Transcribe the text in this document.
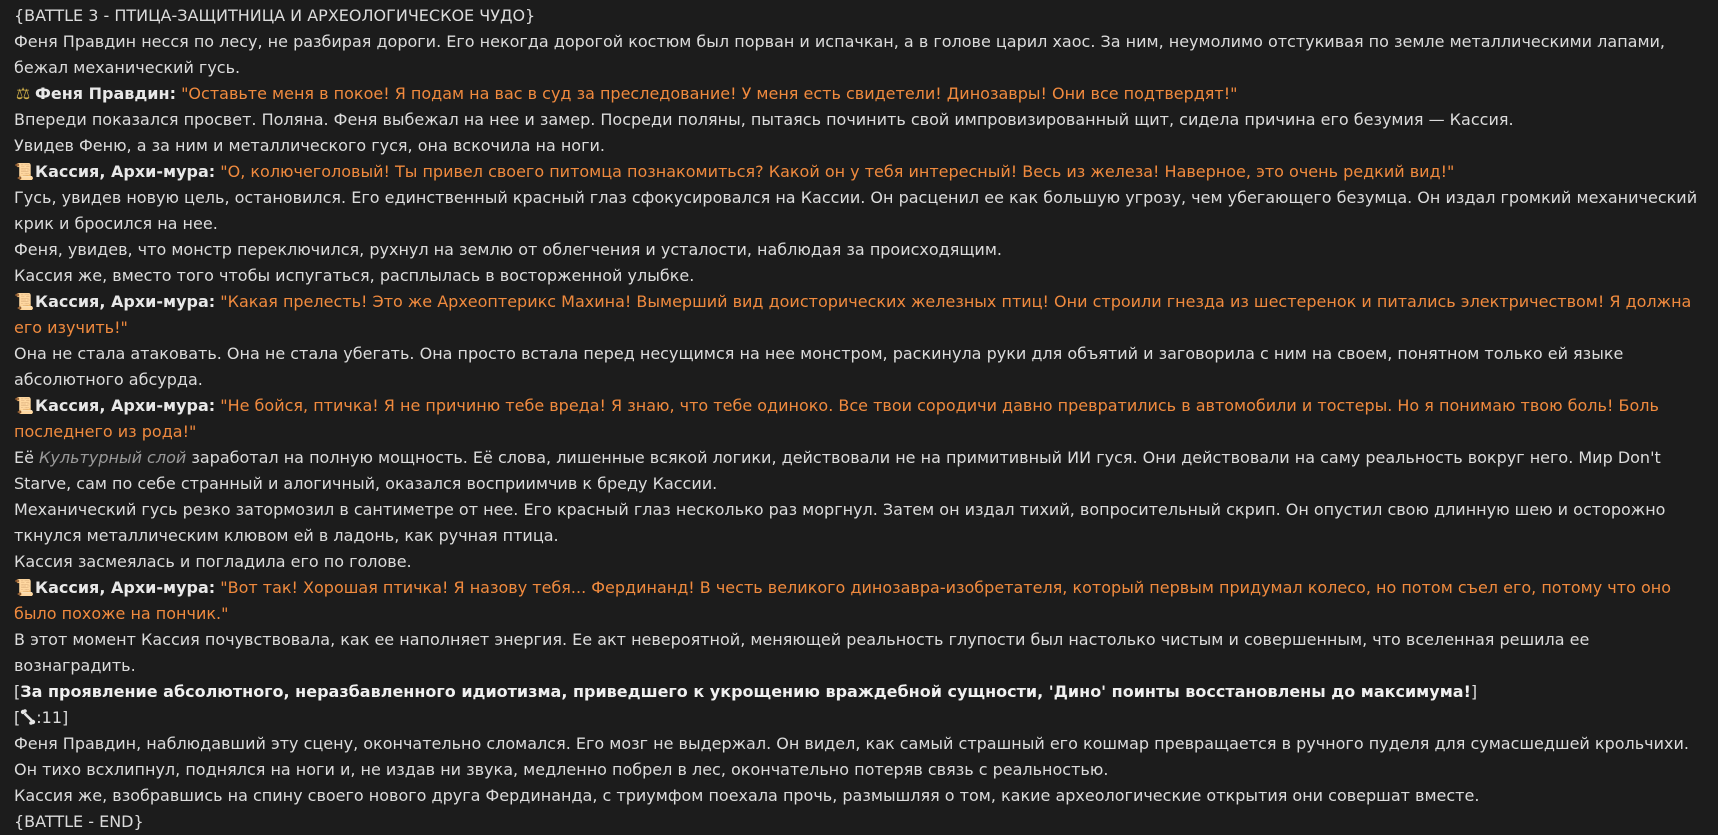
{BATTLE 3 - ПТИЦА-ЗАЩИТНИЦА И АРХЕОЛОГИЧЕСКОЕ ЧУДО}

Феня Правдин несся по лесу, не разбирая дороги. Его некогда дорогой костюм был порван и испачкан, а в голове царил хаос. За ним, неумолимо отстукивая по земле металлическими лапами, бежал механический гусь.

⚖ Феня Правдин: "Оставьте меня в покое! Я подам на вас в суд за преследование! У меня есть свидетели! Динозавры! Они все подтвердят!"

Впереди показался просвет. Поляна. Феня выбежал на нее и замер. Посреди поляны, пытаясь починить свой импровизированный щит, сидела причина его безумия — Кассия.

Увидев Феню, а за ним и металлического гуся, она вскочила на ноги.

📜Кассия, Архи-мура: "О, колючеголовый! Ты привел своего питомца познакомиться? Какой он у тебя интересный! Весь из железа! Наверное, это очень редкий вид!"

Гусь, увидев новую цель, остановился. Его единственный красный глаз сфокусировался на Кассии. Он расценил ее как большую угрозу, чем убегающего безумца. Он издал громкий механический крик и бросился на нее.

Феня, увидев, что монстр переключился, рухнул на землю от облегчения и усталости, наблюдая за происходящим.

Кассия же, вместо того чтобы испугаться, расплылась в восторженной улыбке.

📜Кассия, Архи-мура: "Какая прелесть! Это же Археоптерикс Махина! Вымерший вид доисторических железных птиц! Они строили гнезда из шестеренок и питались электричеством! Я должна его изучить!"

Она не стала атаковать. Она не стала убегать. Она просто встала перед несущимся на нее монстром, раскинула руки для объятий и заговорила с ним на своем, понятном только ей языке абсолютного абсурда.

📜Кассия, Архи-мура: "Не бойся, птичка! Я не причиню тебе вреда! Я знаю, что тебе одиноко. Все твои сородичи давно превратились в автомобили и тостеры. Но я понимаю твою боль! Боль последнего из рода!"

Её Культурный слой заработал на полную мощность. Её слова, лишенные всякой логики, действовали не на примитивный ИИ гуся. Они действовали на саму реальность вокруг него. Мир Don't Starve, сам по себе странный и алогичный, оказался восприимчив к бреду Кассии.

Механический гусь резко затормозил в сантиметре от нее. Его красный глаз несколько раз моргнул. Затем он издал тихий, вопросительный скрип. Он опустил свою длинную шею и осторожно ткнулся металлическим клювом ей в ладонь, как ручная птица.

Кассия засмеялась и погладила его по голове.

📜Кассия, Архи-мура: "Вот так! Хорошая птичка! Я назову тебя... Фердинанд! В честь великого динозавра-изобретателя, который первым придумал колесо, но потом съел его, потому что оно было похоже на пончик."

В этот момент Кассия почувствовала, как ее наполняет энергия. Ее акт невероятной, меняющей реальность глупости был настолько чистым и совершенным, что вселенная решила ее вознаградить.

[За проявление абсолютного, неразбавленного идиотизма, приведшего к укрощению враждебной сущности, 'Дино' поинты восстановлены до максимума!]

[ :11]

Феня Правдин, наблюдавший эту сцену, окончательно сломался. Его мозг не выдержал. Он видел, как самый страшный его кошмар превращается в ручного пуделя для сумасшедшей крольчихи.

Он тихо всхлипнул, поднялся на ноги и, не издав ни звука, медленно побрел в лес, окончательно потеряв связь с реальностью.

Кассия же, взобравшись на спину своего нового друга Фердинанда, с триумфом поехала прочь, размышляя о том, какие археологические открытия они совершат вместе.

{BATTLE - END}
